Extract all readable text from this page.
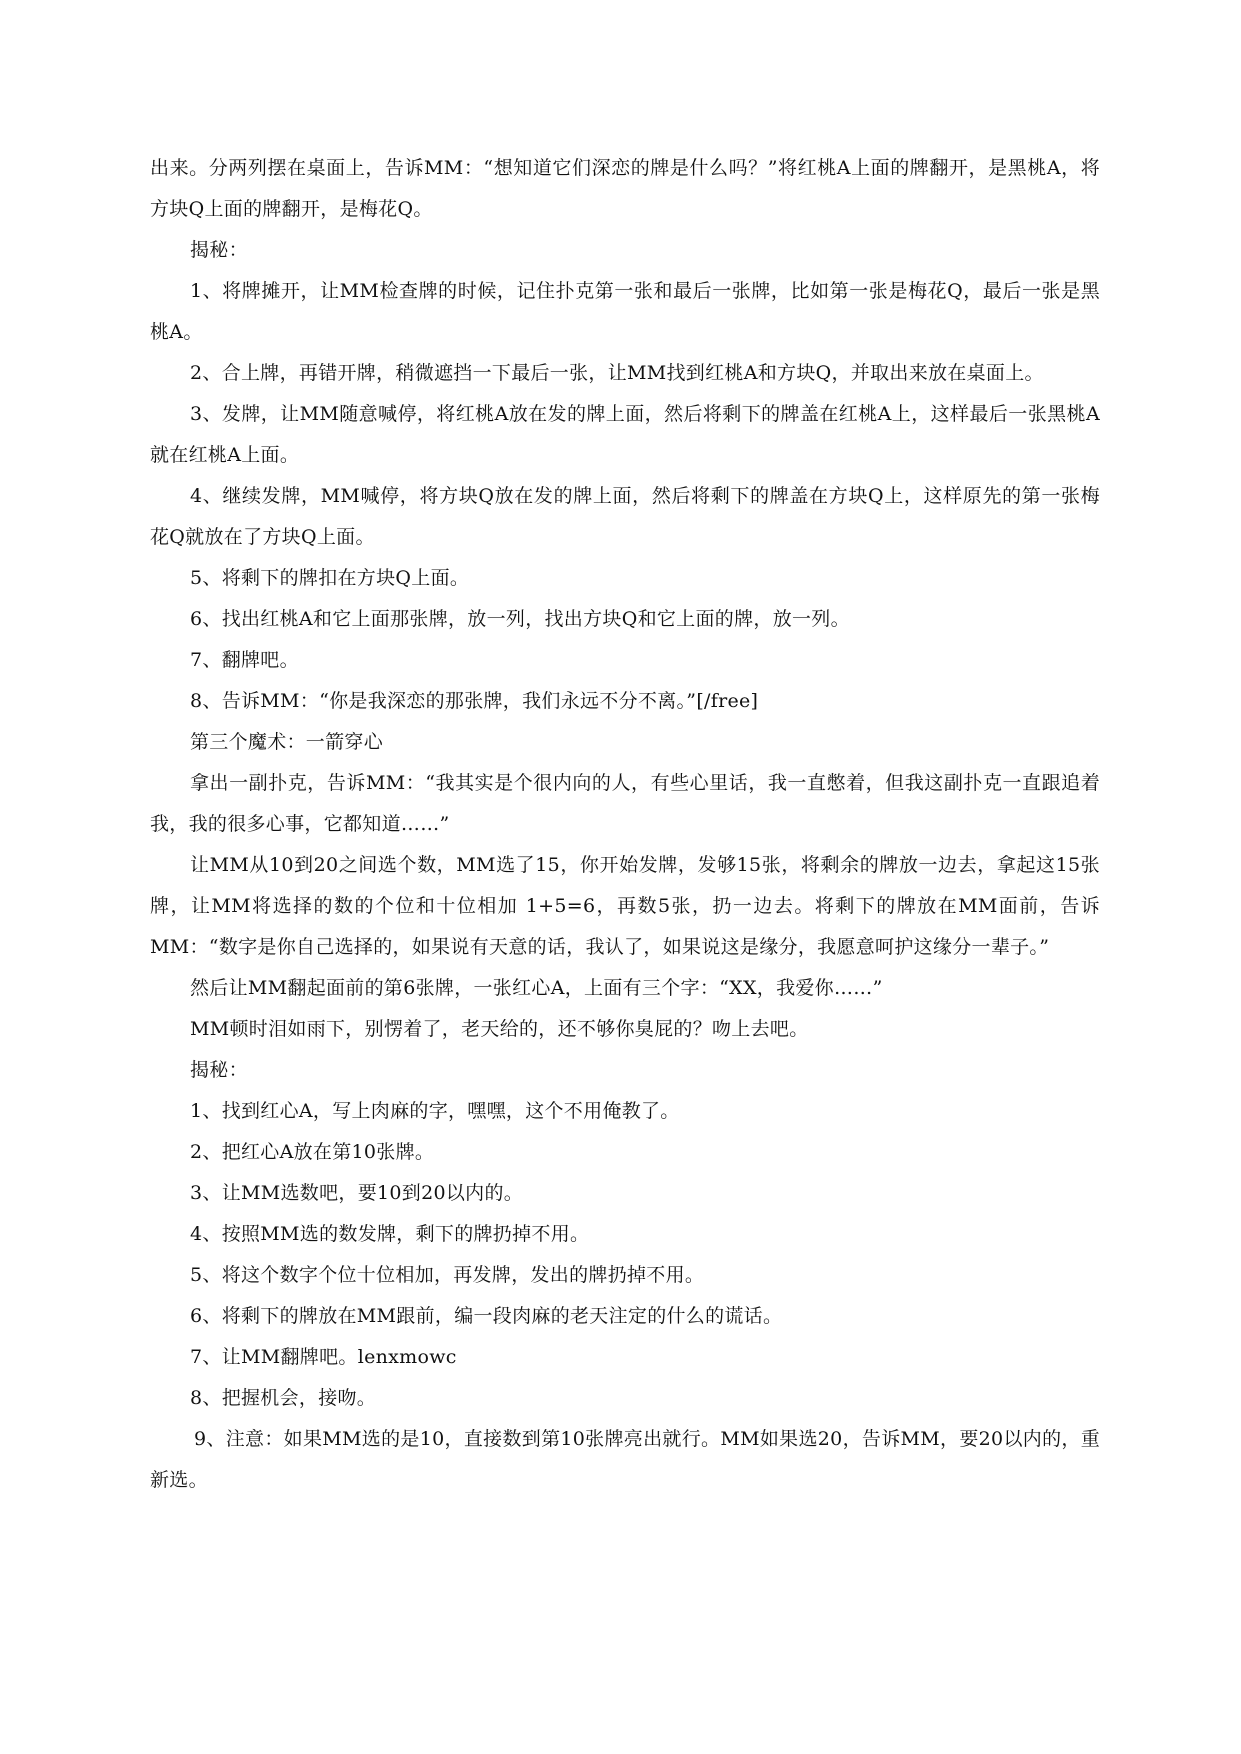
出来。分两列摆在桌面上，告诉MM：“想知道它们深恋的牌是什么吗？”将红桃A上面的牌翻开，是黑桃A，将方块Q上面的牌翻开，是梅花Q。

揭秘：

1、将牌摊开，让MM检查牌的时候，记住扑克第一张和最后一张牌，比如第一张是梅花Q，最后一张是黑桃A。

2、合上牌，再错开牌，稍微遮挡一下最后一张，让MM找到红桃A和方块Q，并取出来放在桌面上。

3、发牌，让MM随意喊停，将红桃A放在发的牌上面，然后将剩下的牌盖在红桃A上，这样最后一张黑桃A就在红桃A上面。

4、继续发牌，MM喊停，将方块Q放在发的牌上面，然后将剩下的牌盖在方块Q上，这样原先的第一张梅花Q就放在了方块Q上面。

5、将剩下的牌扣在方块Q上面。

6、找出红桃A和它上面那张牌，放一列，找出方块Q和它上面的牌，放一列。

7、翻牌吧。

8、告诉MM：“你是我深恋的那张牌，我们永远不分不离。”[/free]

第三个魔术：一箭穿心

拿出一副扑克，告诉MM：“我其实是个很内向的人，有些心里话，我一直憋着，但我这副扑克一直跟追着我，我的很多心事，它都知道……”

让MM从10到20之间选个数，MM选了15，你开始发牌，发够15张，将剩余的牌放一边去，拿起这15张牌，让MM将选择的数的个位和十位相加 1+5=6，再数5张，扔一边去。将剩下的牌放在MM面前，告诉MM：“数字是你自己选择的，如果说有天意的话，我认了，如果说这是缘分，我愿意呵护这缘分一辈子。”

然后让MM翻起面前的第6张牌，一张红心A，上面有三个字：“XX，我爱你……”

MM顿时泪如雨下，别愣着了，老天给的，还不够你臭屁的？吻上去吧。

揭秘：

1、找到红心A，写上肉麻的字，嘿嘿，这个不用俺教了。

2、把红心A放在第10张牌。

3、让MM选数吧，要10到20以内的。

4、按照MM选的数发牌，剩下的牌扔掉不用。

5、将这个数字个位十位相加，再发牌，发出的牌扔掉不用。

6、将剩下的牌放在MM跟前，编一段肉麻的老天注定的什么的谎话。

7、让MM翻牌吧。lenxmowc

8、把握机会，接吻。

9、注意：如果MM选的是10，直接数到第10张牌亮出就行。MM如果选20，告诉MM，要20以内的，重新选。
